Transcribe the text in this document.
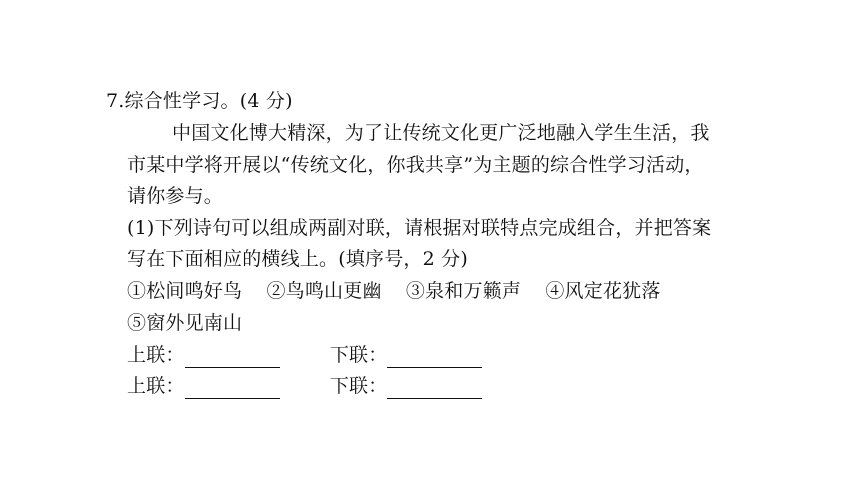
7.综合性学习。(4 分)
中国文化博大精深，为了让传统文化更广泛地融入学生生活，我
市某中学将开展以“传统文化，你我共享”为主题的综合性学习活动，
请你参与。
(1)下列诗句可以组成两副对联，请根据对联特点完成组合，并把答案
写在下面相应的横线上。(填序号，2 分)
①松间鸣好鸟 ②鸟鸣山更幽 ③泉和万籁声 ④风定花犹落
⑤窗外见南山
上联：	下联：
上联：	下联：
